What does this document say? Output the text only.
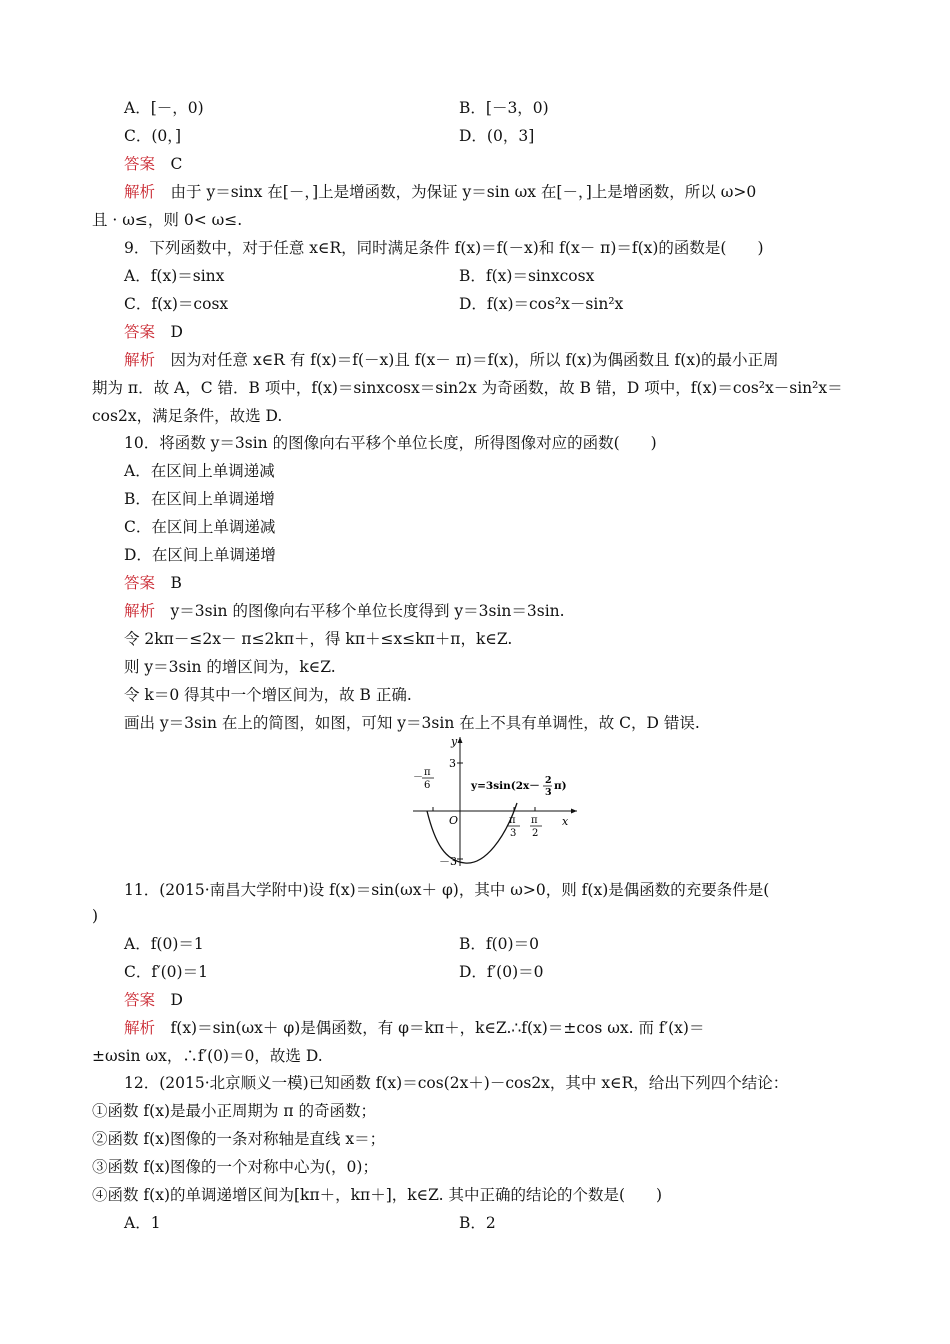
A．[－，0)	B．[－3，0)
C．(0，]	D．(0，3]
答案　 C
解析　 由于 y＝sinx 在[－，]上是增函数，为保证 y＝sin ωx 在[－，]上是增函数，所以 ω>0
且 · ω≤，则 0< ω≤.
9．下列函数中，对于任意 x∈R，同时满足条件 f(x)＝f(－x)和 f(x－ π)＝f(x)的函数是(　　)
A．f(x)＝sinx	B．f(x)＝sinxcosx
C．f(x)＝cosx	D．f(x)＝cos²x－sin²x
答案　 D
解析　 因为对任意 x∈R 有 f(x)＝f(－x)且 f(x－ π)＝f(x)，所以 f(x)为偶函数且 f(x)的最小正周
期为 π．故 A，C 错．B 项中，f(x)＝sinxcosx＝sin2x 为奇函数，故 B 错，D 项中，f(x)＝cos²x－sin²x＝
cos2x，满足条件，故选 D.
10．将函数 y＝3sin 的图像向右平移个单位长度，所得图像对应的函数(　　)
A．在区间上单调递减
B．在区间上单调递增
C．在区间上单调递减
D．在区间上单调递增
答案　 B
解析　 y＝3sin 的图像向右平移个单位长度得到 y＝3sin＝3sin.
令 2kπ－≤2x－ π≤2kπ＋，得 kπ＋≤x≤kπ＋π，k∈Z.
则 y＝3sin 的增区间为，k∈Z.
令 k＝0 得其中一个增区间为，故 B 正确.
画出 y＝3sin 在上的简图，如图，可知 y＝3sin 在上不具有单调性，故 C，D 错误.
y
x
O
3
－3
－ π
6
π
3
π
2
y=3sin(2x－ 2
3
π)
11．(2015·南昌大学附中)设 f(x)＝sin(ωx＋ φ)，其中 ω>0，则 f(x)是偶函数的充要条件是(
)
A．f(0)＝1	B．f(0)＝0
C．f′(0)＝1	D．f′(0)＝0
答案　 D
解析　 f(x)＝sin(ωx＋ φ)是偶函数，有 φ＝kπ＋，k∈Z.∴f(x)＝±cos ωx. 而 f′(x)＝
±ωsin ωx，∴f′(0)＝0，故选 D.
12．(2015·北京顺义一模)已知函数 f(x)＝cos(2x＋)－cos2x，其中 x∈R，给出下列四个结论：
①函数 f(x)是最小正周期为 π 的奇函数；
②函数 f(x)图像的一条对称轴是直线 x＝；
③函数 f(x)图像的一个对称中心为(，0)；
④函数 f(x)的单调递增区间为[kπ＋，kπ＋]，k∈Z. 其中正确的结论的个数是(　　)
A．1	B．2
